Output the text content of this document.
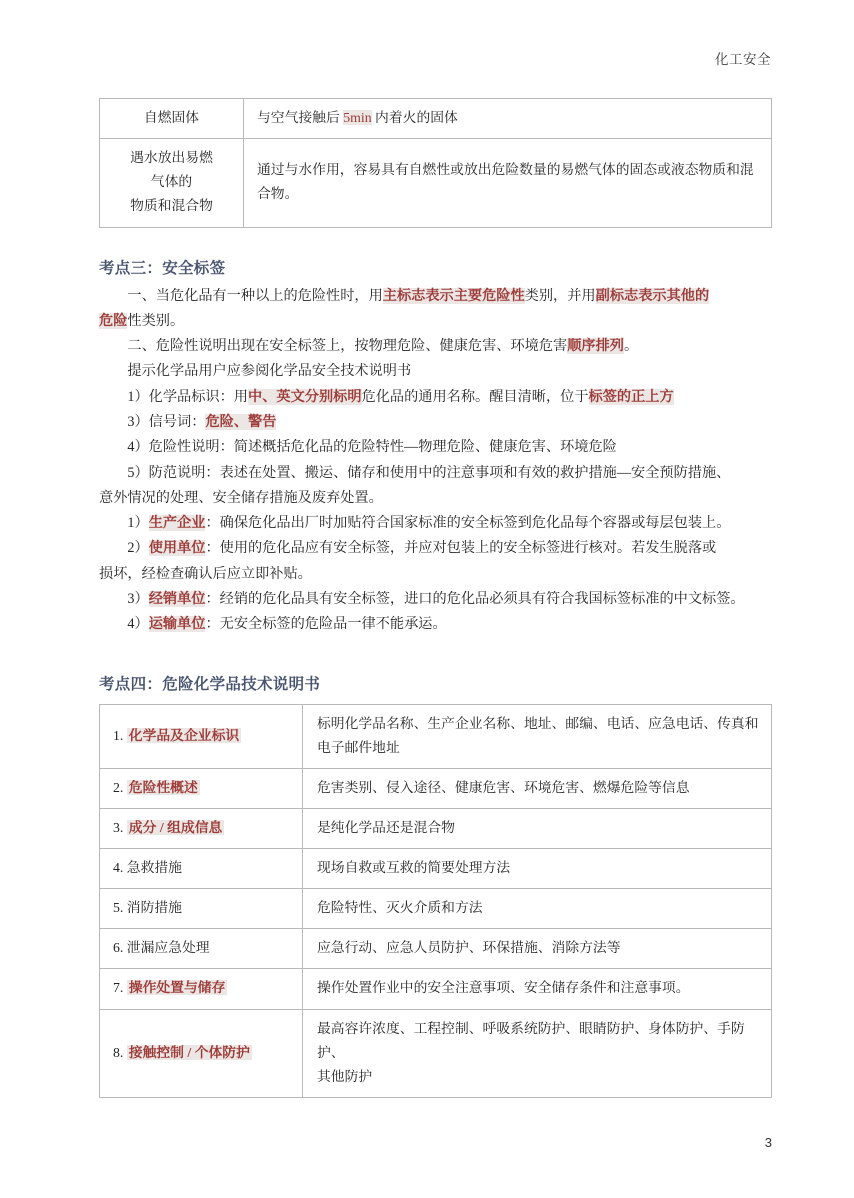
化工安全
自燃固体	与空气接触后 5min 内着火的固体

遇水放出易燃
气体的
物质和混合物	通过与水作用，容易具有自燃性或放出危险数量的易燃气体的固态或液态物质和混
合物。
考点三：安全标签

一、当危化品有一种以上的危险性时，用主标志表示主要危险性类别，并用副标志表示其他的

危险性类别。

二、危险性说明出现在安全标签上，按物理危险、健康危害、环境危害顺序排列。

提示化学品用户应参阅化学品安全技术说明书

1）化学品标识：用中、英文分别标明危化品的通用名称。醒目清晰，位于标签的正上方

3）信号词：危险、警告

4）危险性说明：简述概括危化品的危险特性—物理危险、健康危害、环境危险

5）防范说明：表述在处置、搬运、储存和使用中的注意事项和有效的救护措施—安全预防措施、

意外情况的处理、安全储存措施及废弃处置。

1）生产企业：确保危化品出厂时加贴符合国家标准的安全标签到危化品每个容器或每层包装上。

2）使用单位：使用的危化品应有安全标签，并应对包装上的安全标签进行核对。若发生脱落或

损坏，经检查确认后应立即补贴。

3）经销单位：经销的危化品具有安全标签，进口的危化品必须具有符合我国标签标准的中文标签。

4）运输单位：无安全标签的危险品一律不能承运。

考点四：危险化学品技术说明书
1. 化学品及企业标识	标明化学品名称、生产企业名称、地址、邮编、电话、应急电话、传真和
电子邮件地址

2. 危险性概述	危害类别、侵入途径、健康危害、环境危害、燃爆危险等信息

3. 成分 / 组成信息	是纯化学品还是混合物

4. 急救措施	现场自救或互救的简要处理方法

5. 消防措施	危险特性、灭火介质和方法

6. 泄漏应急处理	应急行动、应急人员防护、环保措施、消除方法等

7. 操作处置与储存	操作处置作业中的安全注意事项、安全储存条件和注意事项。

8. 接触控制 / 个体防护	最高容许浓度、工程控制、呼吸系统防护、眼睛防护、身体防护、手防护、
其他防护
3
